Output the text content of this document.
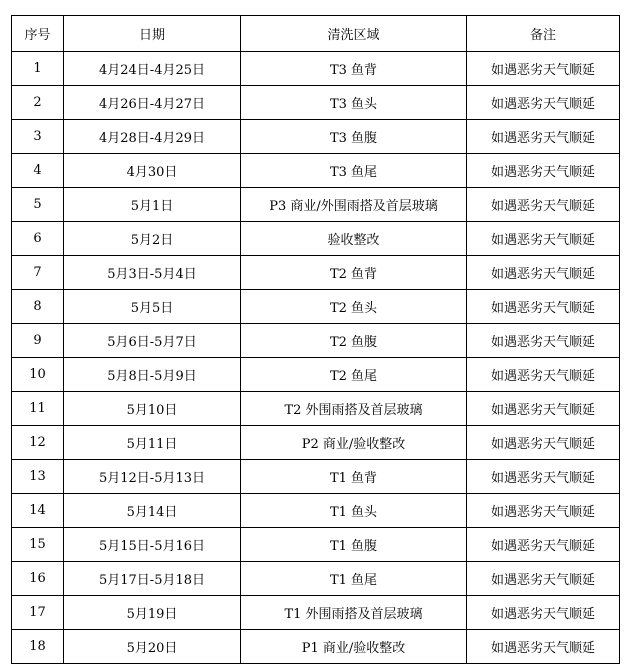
序号	日期	清洗区域	备注
1	4月24日-4月25日	T3 鱼背	如遇恶劣天气顺延
2	4月26日-4月27日	T3 鱼头	如遇恶劣天气顺延
3	4月28日-4月29日	T3 鱼腹	如遇恶劣天气顺延
4	4月30日	T3 鱼尾	如遇恶劣天气顺延
5	5月1日	P3 商业/外围雨搭及首层玻璃	如遇恶劣天气顺延
6	5月2日	验收整改	如遇恶劣天气顺延
7	5月3日-5月4日	T2 鱼背	如遇恶劣天气顺延
8	5月5日	T2 鱼头	如遇恶劣天气顺延
9	5月6日-5月7日	T2 鱼腹	如遇恶劣天气顺延
10	5月8日-5月9日	T2 鱼尾	如遇恶劣天气顺延
11	5月10日	T2 外围雨搭及首层玻璃	如遇恶劣天气顺延
12	5月11日	P2 商业/验收整改	如遇恶劣天气顺延
13	5月12日-5月13日	T1 鱼背	如遇恶劣天气顺延
14	5月14日	T1 鱼头	如遇恶劣天气顺延
15	5月15日-5月16日	T1 鱼腹	如遇恶劣天气顺延
16	5月17日-5月18日	T1 鱼尾	如遇恶劣天气顺延
17	5月19日	T1 外围雨搭及首层玻璃	如遇恶劣天气顺延
18	5月20日	P1 商业/验收整改	如遇恶劣天气顺延
